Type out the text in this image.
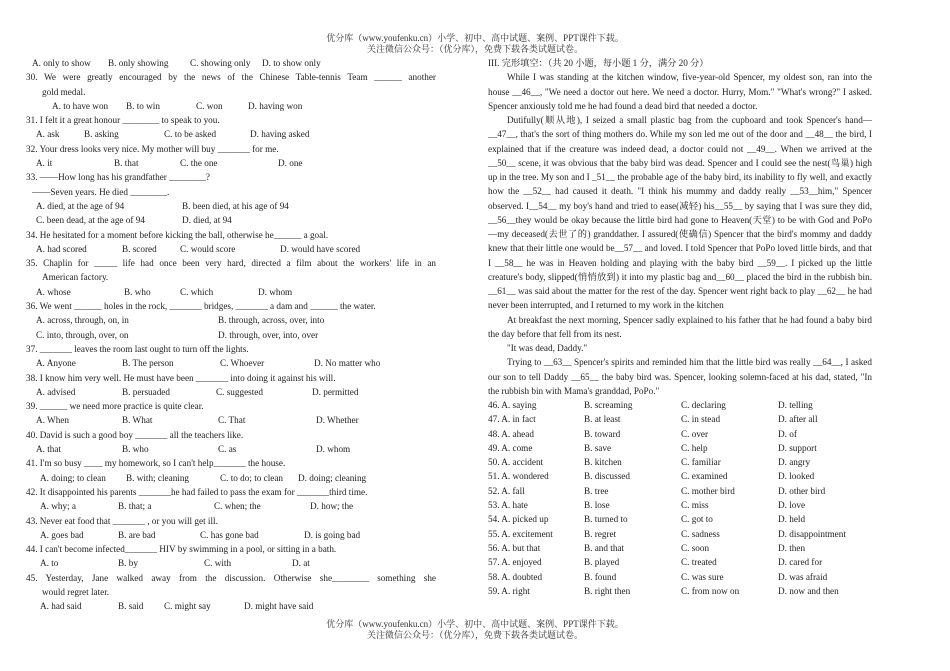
优分库（www.youfenku.cn）小学、初中、高中试题、案例、PPT课件下载。
关注微信公众号：（优分库），免费下载各类试题试卷。
A. only to show	B. only showing	C. showing only	D. to show only
30. We were greatly encouraged by the news of the Chinese Table-tennis Team ______ another
gold medal.
A. to have won	B. to win	C. won	D. having won
31. I felt it a great honour ________ to speak to you.
A. ask	B. asking	C. to be asked	D. having asked
32. Your dress looks very nice. My mother will buy _______ for me.
A. it	B. that	C. the one	D. one
33. ——How long has his grandfather ________?
——Seven years. He died ________.
A. died, at the age of 94	B. been died, at his age of 94
C. been dead, at the age of 94	D. died, at 94
34. He hesitated for a moment before kicking the ball, otherwise he______ a goal.
A. had scored	B. scored	C. would score	D. would have scored
35. Chaplin for _____ life had once been very hard, directed a film about the workers' life in an
American factory.
A. whose	B. who	C. which	D. whom
36. We went ______ holes in the rock, _______ bridges, _______ a dam and ______ the water.
A. across, through, on, in	B. through, across, over, into
C. into, through, over, on	D. through, over, into, over
37. _______ leaves the room last ought to turn off the lights.
A. Anyone	B. The person	C. Whoever	D. No matter who
38. I know him very well. He must have been _______ into doing it against his will.
A. advised	B. persuaded	C. suggested	D. permitted
39. ______ we need more practice is quite clear.
A. When	B. What	C. That	D. Whether
40. David is such a good boy _______ all the teachers like.
A. that	B. who	C. as	D. whom
41. I'm so busy ____ my homework, so I can't help_______ the house.
A. doing; to clean	B. with; cleaning	C. to do; to clean	D. doing; cleaning
42. It disappointed his parents _______he had failed to pass the exam for _______third time.
A. why; a	B. that; a	C. when; the	D. how; the
43. Never eat food that _______ , or you will get ill.
A. goes bad	B. are bad	C. has gone bad	D. is going bad
44. I can't become infected_______ HIV by swimming in a pool, or sitting in a bath.
A. to	B. by	C. with	D. at
45. Yesterday, Jane walked away from the discussion. Otherwise she________ something she
would regret later.
A. had said	B. said	C. might say	D. might have said
III. 完形填空：（共 20 小题，每小题 1 分，满分 20 分）

While I was standing at the kitchen window, five-year-old Spencer, my oldest son, ran into the house __46__, "We need a doctor out here. We need a doctor. Hurry, Mom." "What's wrong?" I asked. Spencer anxiously told me he had found a dead bird that needed a doctor.

Dutifully(顺从地), I seized a small plastic bag from the cupboard and took Spencer's hand—__47__, that's the sort of thing mothers do. While my son led me out of the door and __48__ the bird, I explained that if the creature was indeed dead, a doctor could not __49__. When we arrived at the __50__ scene, it was obvious that the baby bird was dead. Spencer and I could see the nest(鸟巢) high up in the tree. My son and I _51__ the probable age of the baby bird, its inability to fly well, and exactly how the __52__ had caused it death. "I think his mummy and daddy really __53__him," Spencer observed. I__54__ my boy's hand and tried to ease(减轻) his__55__ by saying that I was sure they did, __56__they would be okay because the little bird had gone to Heaven(天堂) to be with God and PoPo—my deceased(去世了的) granddather. I assured(使确信) Spencer that the bird's mommy and daddy knew that their little one would be__57__ and loved. I told Spencer that PoPo loved little birds, and that I __58__ he was in Heaven holding and playing with the baby bird __59__. I picked up the little creature's body, slipped(悄悄放到) it into my plastic bag and__60__ placed the bird in the rubbish bin. __61__ was said about the matter for the rest of the day. Spencer went right back to play __62__ he had never been interrupted, and I returned to my work in the kitchen

At breakfast the next morning, Spencer sadly explained to his father that he had found a baby bird the day before that fell from its nest.

"It was dead, Daddy."

Trying to __63__ Spencer's spirits and reminded him that the little bird was really __64__, I asked our son to tell Daddy __65__ the baby bird was. Spencer, looking solemn-faced at his dad, stated, "In the rubbish bin with Mama's granddad, PoPo."

46. A. saying	B. screaming	C. declaring	D. telling
47. A. in fact	B. at least	C. in stead	D. after all
48. A. ahead	B. toward	C. over	D. of
49. A. come	B. save	C. help	D. support
50. A. accident	B. kitchen	C. familiar	D. angry
51. A. wondered	B. discussed	C. examined	D. looked
52. A. fall	B. tree	C. mother bird	D. other bird
53. A. hate	B. lose	C. miss	D. love
54. A. picked up	B. turned to	C. got to	D. held
55. A. excitement	B. regret	C. sadness	D. disappointment
56. A. but that	B. and that	C. soon	D. then
57. A. enjoyed	B. played	C. treated	D. cared for
58. A. doubted	B. found	C. was sure	D. was afraid
59. A. right	B. right then	C. from now on	D. now and then
优分库（www.youfenku.cn）小学、初中、高中试题、案例、PPT课件下载。
关注微信公众号：（优分库），免费下载各类试题试卷。
